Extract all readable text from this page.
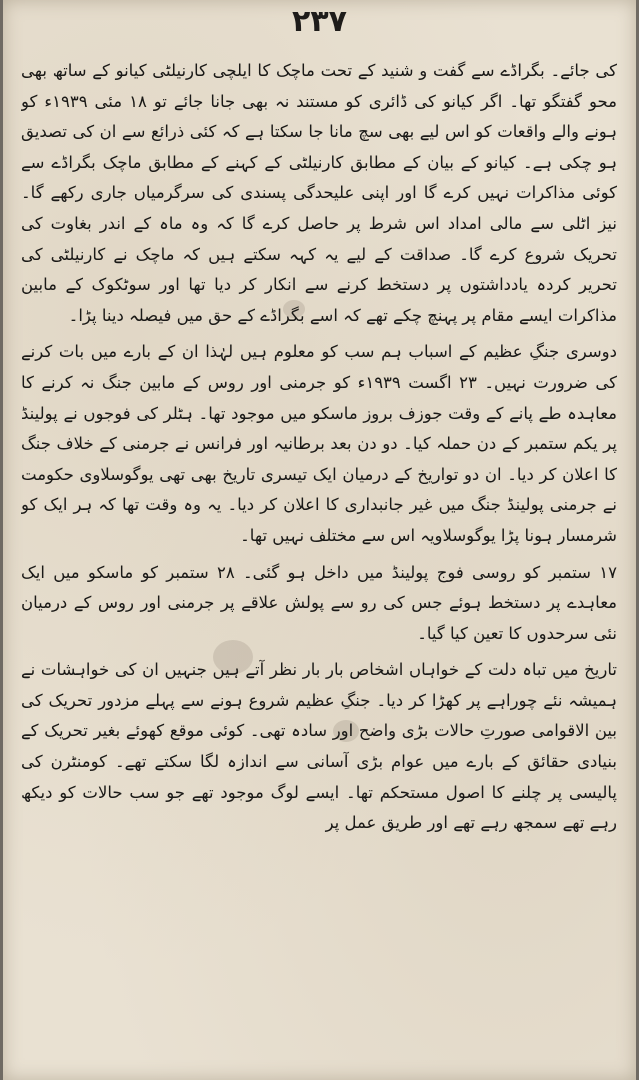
۲۳۷

کی جائے۔ بگراڈے سے گفت و شنید کے تحت ماچک کا ایلچی کارنیلٹی کیانو کے ساتھ بھی محو گفتگو تھا۔ اگر کیانو کی ڈائری کو مستند نہ بھی جانا جائے تو ۱۸ مئی ۱۹۳۹ء کو ہونے والے واقعات کو اس لیے بھی سچ مانا جا سکتا ہے کہ کئی ذرائع سے ان کی تصدیق ہو چکی ہے۔ کیانو کے بیان کے مطابق کارنیلٹی کے کہنے کے مطابق ماچک بگراڈے سے کوئی مذاکرات نہیں کرے گا اور اپنی علیحدگی پسندی کی سرگرمیاں جاری رکھے گا۔ نیز اٹلی سے مالی امداد اس شرط پر حاصل کرے گا کہ وہ ماہ کے اندر بغاوت کی تحریک شروع کرے گا۔ صداقت کے لیے یہ کہہ سکتے ہیں کہ ماچک نے کارنیلٹی کی تحریر کردہ یادداشتوں پر دستخط کرنے سے انکار کر دیا تھا اور سوٹکوک کے مابین مذاکرات ایسے مقام پر پہنچ چکے تھے کہ اسے بگراڈے کے حق میں فیصلہ دینا پڑا۔

دوسری جنگِ عظیم کے اسباب ہم سب کو معلوم ہیں لہٰذا ان کے بارے میں بات کرنے کی ضرورت نہیں۔ ۲۳ اگست ۱۹۳۹ء کو جرمنی اور روس کے مابین جنگ نہ کرنے کا معاہدہ طے پانے کے وقت جوزف بروز ماسکو میں موجود تھا۔ ہٹلر کی فوجوں نے پولینڈ پر یکم ستمبر کے دن حملہ کیا۔ دو دن بعد برطانیہ اور فرانس نے جرمنی کے خلاف جنگ کا اعلان کر دیا۔ ان دو تواریخ کے درمیان ایک تیسری تاریخ بھی تھی یوگوسلاوی حکومت نے جرمنی پولینڈ جنگ میں غیر جانبداری کا اعلان کر دیا۔ یہ وہ وقت تھا کہ ہر ایک کو شرمسار ہونا پڑا یوگوسلاویہ اس سے مختلف نہیں تھا۔

۱۷ ستمبر کو روسی فوج پولینڈ میں داخل ہو گئی۔ ۲۸ ستمبر کو ماسکو میں ایک معاہدے پر دستخط ہوئے جس کی رو سے پولش علاقے پر جرمنی اور روس کے درمیان نئی سرحدوں کا تعین کیا گیا۔

تاریخ میں تباہ دلت کے خواہاں اشخاص بار بار نظر آتے ہیں جنہیں ان کی خواہشات نے ہمیشہ نئے چوراہے پر کھڑا کر دیا۔ جنگِ عظیم شروع ہونے سے پہلے مزدور تحریک کی بین الاقوامی صورتِ حالات بڑی واضح اور سادہ تھی۔ کوئی موقع کھوئے بغیر تحریک کے بنیادی حقائق کے بارے میں عوام بڑی آسانی سے اندازہ لگا سکتے تھے۔ کومنٹرن کی پالیسی پر چلنے کا اصول مستحکم تھا۔ ایسے لوگ موجود تھے جو سب حالات کو دیکھ رہے تھے سمجھ رہے تھے اور طریق عمل پر
